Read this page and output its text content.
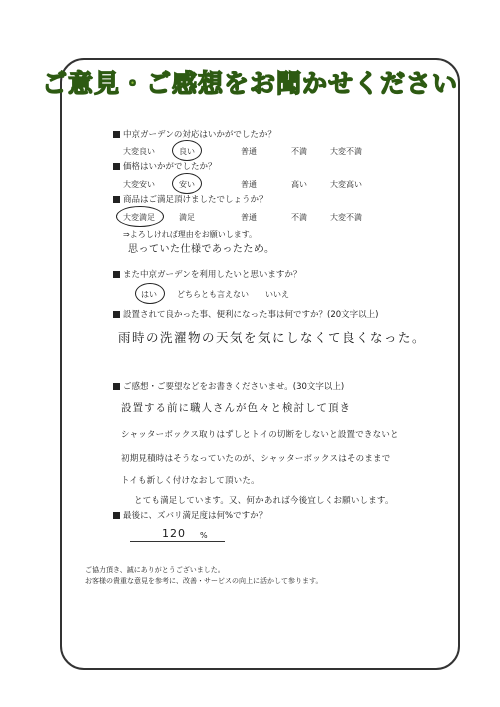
ご意見・ご感想をお聞かせください
中京ガーデンの対応はいかがでしたか？
大変良い	良い	普通	不満	大変不満
価格はいかがでしたか？
大変安い	安い	普通	高い	大変高い
商品はご満足頂けましたでしょうか？
大変満足	満足	普通	不満	大変不満
⇒よろしければ理由をお願いします。
思っていた仕様であったため。
また中京ガーデンを利用したいと思いますか？
はい	どちらとも言えない いいえ
設置されて良かった事、便利になった事は何ですか？(20文字以上)
雨時の洗濯物の天気を気にしなくて良くなった。
ご感想・ご要望などをお書きくださいませ。(30文字以上)
設置する前に職人さんが色々と検討して頂き
シャッターボックス取りはずしとトイの切断をしないと設置できないと
初期見積時はそうなっていたのが、シャッターボックスはそのままで
トイも新しく付けなおして頂いた。
とても満足しています。又、何かあれば今後宜しくお願いします。
最後に、ズバリ満足度は何%ですか？
120 %
ご協力頂き、誠にありがとうございました。
お客様の貴重な意見を参考に、改善・サービスの向上に活かして参ります。
